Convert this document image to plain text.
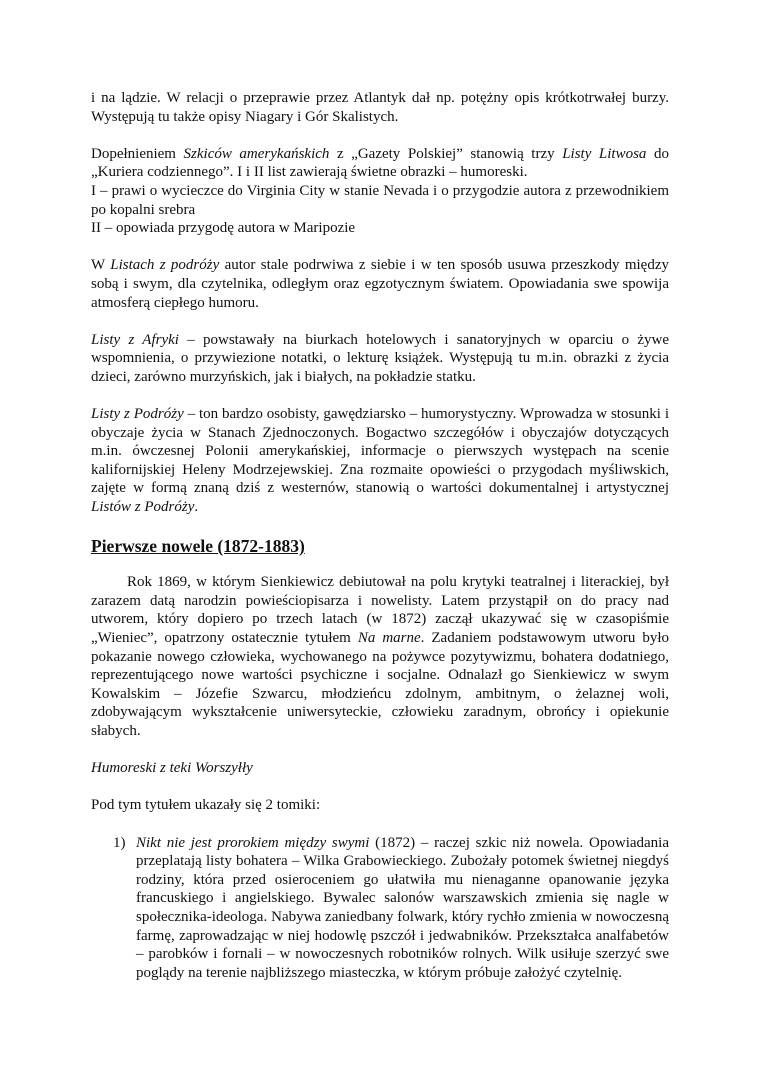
i na lądzie. W relacji o przeprawie przez Atlantyk dał np. potężny opis krótkotrwałej burzy. Występują tu także opisy Niagary i Gór Skalistych.

Dopełnieniem Szkiców amerykańskich z „Gazety Polskiej” stanowią trzy Listy Litwosa do „Kuriera codziennego”. I i II list zawierają świetne obrazki – humoreski.

I – prawi o wycieczce do Virginia City w stanie Nevada i o przygodzie autora z przewodnikiem po kopalni srebra

II – opowiada przygodę autora w Maripozie

W Listach z podróży autor stale podrwiwa z siebie i w ten sposób usuwa przeszkody między sobą i swym, dla czytelnika, odległym oraz egzotycznym światem. Opowiadania swe spowija atmosferą ciepłego humoru.

Listy z Afryki – powstawały na biurkach hotelowych i sanatoryjnych w oparciu o żywe wspomnienia, o przywiezione notatki, o lekturę książek. Występują tu m.in. obrazki z życia dzieci, zarówno murzyńskich, jak i białych, na pokładzie statku.

Listy z Podróży – ton bardzo osobisty, gawędziarsko – humorystyczny. Wprowadza w stosunki i obyczaje życia w Stanach Zjednoczonych. Bogactwo szczegółów i obyczajów dotyczących m.in. ówczesnej Polonii amerykańskiej, informacje o pierwszych występach na scenie kalifornijskiej Heleny Modrzejewskiej. Zna rozmaite opowieści o przygodach myśliwskich, zajęte w formą znaną dziś z westernów, stanowią o wartości dokumentalnej i artystycznej Listów z Podróży.

Pierwsze nowele (1872-1883)

Rok 1869, w którym Sienkiewicz debiutował na polu krytyki teatralnej i literackiej, był zarazem datą narodzin powieściopisarza i nowelisty. Latem przystąpił on do pracy nad utworem, który dopiero po trzech latach (w 1872) zaczął ukazywać się w czasopiśmie „Wieniec”, opatrzony ostatecznie tytułem Na marne. Zadaniem podstawowym utworu było pokazanie nowego człowieka, wychowanego na pożywce pozytywizmu, bohatera dodatniego, reprezentującego nowe wartości psychiczne i socjalne. Odnalazł go Sienkiewicz w swym Kowalskim – Józefie Szwarcu, młodzieńcu zdolnym, ambitnym, o żelaznej woli, zdobywającym wykształcenie uniwersyteckie, człowieku zaradnym, obrońcy i opiekunie słabych.

Humoreski z teki Worszyłły

Pod tym tytułem ukazały się 2 tomiki:

1) Nikt nie jest prorokiem między swymi (1872) – raczej szkic niż nowela. Opowiadania przeplatają listy bohatera – Wilka Grabowieckiego. Zubożały potomek świetnej niegdyś rodziny, która przed osieroceniem go ułatwiła mu nienaganne opanowanie języka francuskiego i angielskiego. Bywalec salonów warszawskich zmienia się nagle w społecznika-ideologa. Nabywa zaniedbany folwark, który rychło zmienia w nowoczesną farmę, zaprowadzając w niej hodowlę pszczół i jedwabników. Przekształca analfabetów – parobków i fornali – w nowoczesnych robotników rolnych. Wilk usiłuje szerzyć swe poglądy na terenie najbliższego miasteczka, w którym próbuje założyć czytelnię.
